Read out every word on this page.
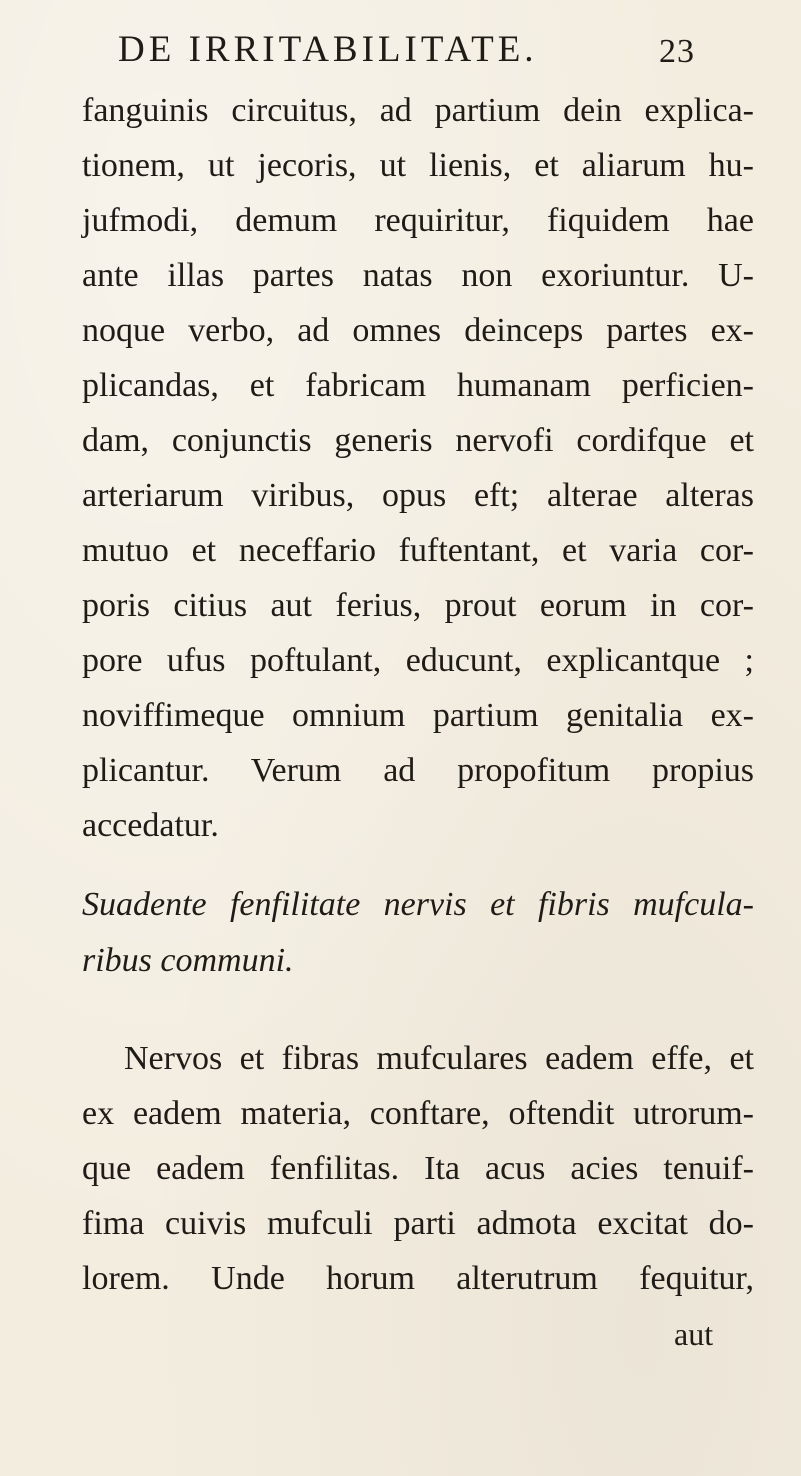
DE IRRITABILITATE.	23
fanguinis circuitus, ad partium dein explica-
tionem, ut jecoris, ut lienis, et aliarum hu-
jufmodi, demum requiritur, fiquidem hae
ante illas partes natas non exoriuntur. U-
noque verbo, ad omnes deinceps partes ex-
plicandas, et fabricam humanam perficien-
dam, conjunctis generis nervofi cordifque et
arteriarum viribus, opus eft; alterae alteras
mutuo et neceffario fuftentant, et varia cor-
poris citius aut ferius, prout eorum in cor-
pore ufus poftulant, educunt, explicantque ;
noviffimeque omnium partium genitalia ex-
plicantur. Verum ad propofitum propius
accedatur.
Suadente fenfilitate nervis et fibris mufcula-
ribus communi.
Nervos et fibras mufculares eadem effe, et
ex eadem materia, conftare, oftendit utrorum-
que eadem fenfilitas. Ita acus acies tenuif-
fima cuivis mufculi parti admota excitat do-
lorem. Unde horum alterutrum fequitur,
aut
